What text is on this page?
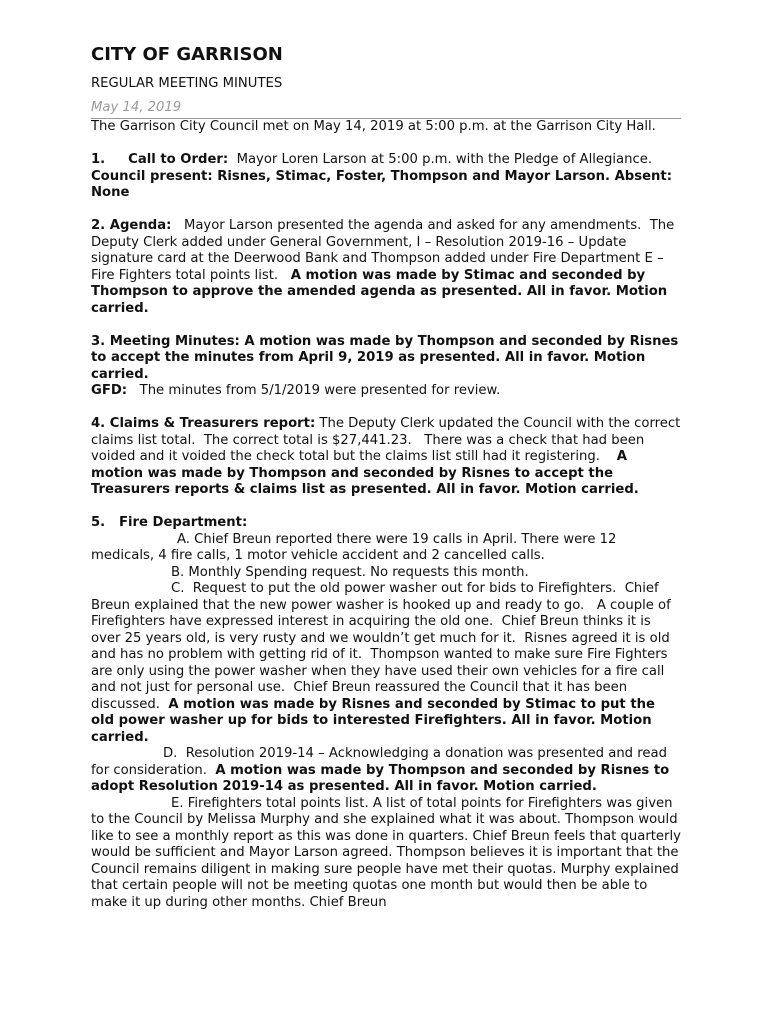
CITY OF GARRISON
REGULAR MEETING MINUTES
May 14, 2019

The Garrison City Council met on May 14, 2019 at 5:00 p.m. at the Garrison City Hall.

1.     Call to Order:  Mayor Loren Larson at 5:00 p.m. with the Pledge of Allegiance. Council present: Risnes, Stimac, Foster, Thompson and Mayor Larson. Absent: None

2. Agenda:   Mayor Larson presented the agenda and asked for any amendments.  The Deputy Clerk added under General Government, I – Resolution 2019-16 – Update signature card at the Deerwood Bank and Thompson added under Fire Department E – Fire Fighters total points list.   A motion was made by Stimac and seconded by Thompson to approve the amended agenda as presented. All in favor. Motion carried.

3. Meeting Minutes: A motion was made by Thompson and seconded by Risnes to accept the minutes from April 9, 2019 as presented. All in favor. Motion carried.

GFD:   The minutes from 5/1/2019 were presented for review.

4. Claims & Treasurers report: The Deputy Clerk updated the Council with the correct claims list total.  The correct total is $27,441.23.   There was a check that had been voided and it voided the check total but the claims list still had it registering.    A motion was made by Thompson and seconded by Risnes to accept the Treasurers reports & claims list as presented. All in favor. Motion carried.

5.   Fire Department:

A. Chief Breun reported there were 19 calls in April. There were 12 medicals, 4 fire calls, 1 motor vehicle accident and 2 cancelled calls.

B. Monthly Spending request. No requests this month.

C.  Request to put the old power washer out for bids to Firefighters.  Chief Breun explained that the new power washer is hooked up and ready to go.   A couple of Firefighters have expressed interest in acquiring the old one.  Chief Breun thinks it is over 25 years old, is very rusty and we wouldn’t get much for it.  Risnes agreed it is old and has no problem with getting rid of it.  Thompson wanted to make sure Fire Fighters are only using the power washer when they have used their own vehicles for a fire call and not just for personal use.  Chief Breun reassured the Council that it has been discussed.  A motion was made by Risnes and seconded by Stimac to put the old power washer up for bids to interested Firefighters. All in favor. Motion carried.

D.  Resolution 2019-14 – Acknowledging a donation was presented and read for consideration.  A motion was made by Thompson and seconded by Risnes to adopt Resolution 2019-14 as presented. All in favor. Motion carried.

E. Firefighters total points list. A list of total points for Firefighters was given to the Council by Melissa Murphy and she explained what it was about. Thompson would like to see a monthly report as this was done in quarters. Chief Breun feels that quarterly would be sufficient and Mayor Larson agreed. Thompson believes it is important that the Council remains diligent in making sure people have met their quotas. Murphy explained that certain people will not be meeting quotas one month but would then be able to make it up during other months. Chief Breun
